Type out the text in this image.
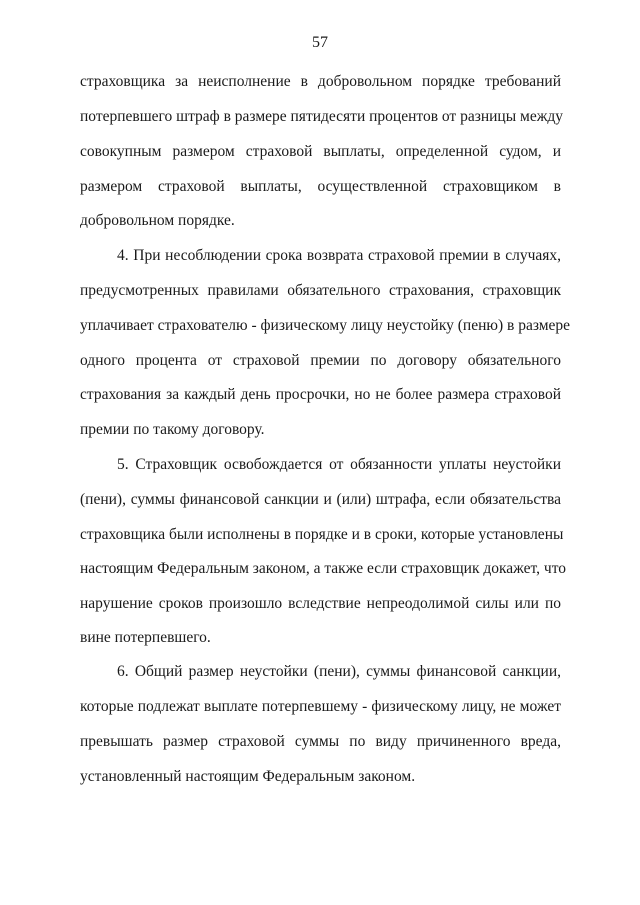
57
страховщика за неисполнение в добровольном порядке требований
потерпевшего штраф в размере пятидесяти процентов от разницы между
совокупным размером страховой выплаты, определенной судом, и
размером страховой выплаты, осуществленной страховщиком в
добровольном порядке.
4. При несоблюдении срока возврата страховой премии в случаях,
предусмотренных правилами обязательного страхования, страховщик
уплачивает страхователю - физическому лицу неустойку (пеню) в размере
одного процента от страховой премии по договору обязательного
страхования за каждый день просрочки, но не более размера страховой
премии по такому договору.
5. Страховщик освобождается от обязанности уплаты неустойки
(пени), суммы финансовой санкции и (или) штрафа, если обязательства
страховщика были исполнены в порядке и в сроки, которые установлены
настоящим Федеральным законом, а также если страховщик докажет, что
нарушение сроков произошло вследствие непреодолимой силы или по
вине потерпевшего.
6. Общий размер неустойки (пени), суммы финансовой санкции,
которые подлежат выплате потерпевшему - физическому лицу, не может
превышать размер страховой суммы по виду причиненного вреда,
установленный настоящим Федеральным законом.
